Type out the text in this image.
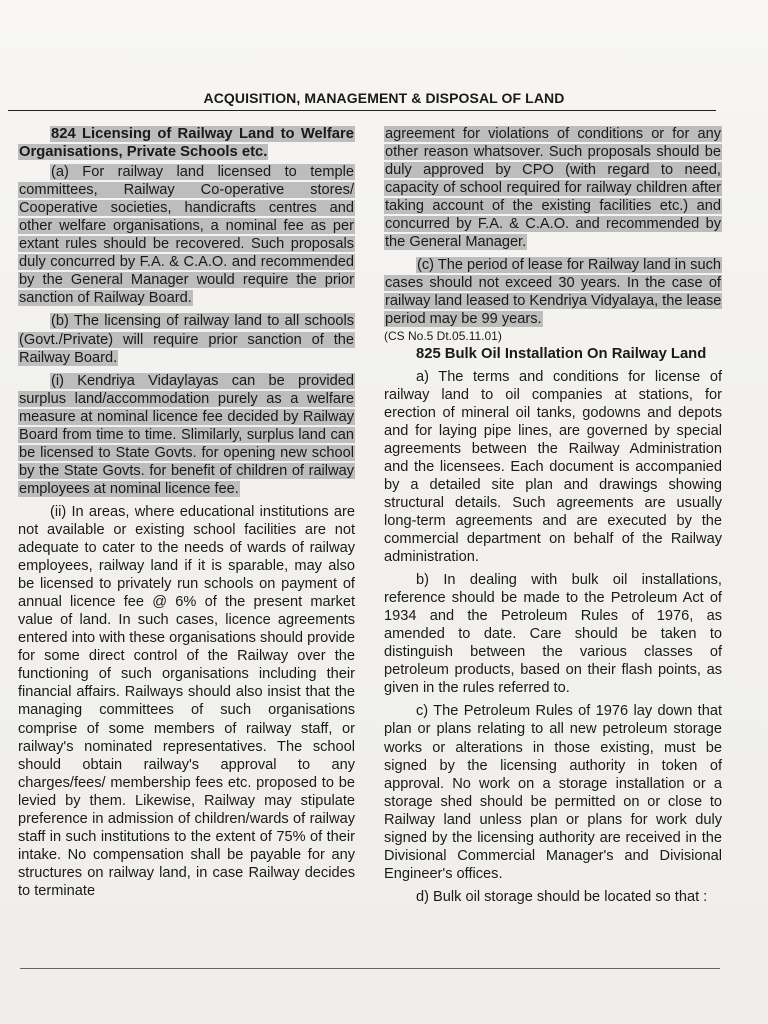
ACQUISITION, MANAGEMENT & DISPOSAL OF LAND

824 Licensing of Railway Land to Welfare Organisations, Private Schools etc.

(a) For railway land licensed to temple committees, Railway Co-operative stores/ Cooperative societies, handicrafts centres and other welfare organisations, a nominal fee as per extant rules should be recovered. Such proposals duly concurred by F.A. & C.A.O. and recommended by the General Manager would require the prior sanction of Railway Board.

(b) The licensing of railway land to all schools (Govt./Private) will require prior sanction of the Railway Board.

(i) Kendriya Vidaylayas can be provided surplus land/accommodation purely as a welfare measure at nominal licence fee decided by Railway Board from time to time. Slimilarly, surplus land can be licensed to State Govts. for opening new school by the State Govts. for benefit of children of railway employees at nominal licence fee.

(ii) In areas, where educational institutions are not available or existing school facilities are not adequate to cater to the needs of wards of railway employees, railway land if it is sparable, may also be licensed to privately run schools on payment of annual licence fee @ 6% of the present market value of land. In such cases, licence agreements entered into with these organisations should provide for some direct control of the Railway over the functioning of such organisations including their financial affairs. Railways should also insist that the managing committees of such organisations comprise of some members of railway staff, or railway's nominated representatives. The school should obtain railway's approval to any charges/fees/ membership fees etc. proposed to be levied by them. Likewise, Railway may stipulate preference in admission of children/wards of railway staff in such institutions to the extent of 75% of their intake. No compensation shall be payable for any structures on railway land, in case Railway decides to terminate

agreement for violations of conditions or for any other reason whatsover. Such proposals should be duly approved by CPO (with regard to need, capacity of school required for railway children after taking account of the existing facilities etc.) and concurred by F.A. & C.A.O. and recommended by the General Manager.

(c) The period of lease for Railway land in such cases should not exceed 30 years. In the case of railway land leased to Kendriya Vidyalaya, the lease period may be 99 years.

(CS No.5 Dt.05.11.01)

825 Bulk Oil Installation On Railway Land

a) The terms and conditions for license of railway land to oil companies at stations, for erection of mineral oil tanks, godowns and depots and for laying pipe lines, are governed by special agreements between the Railway Administration and the licensees. Each document is accompanied by a detailed site plan and drawings showing structural details. Such agreements are usually long-term agreements and are executed by the commercial department on behalf of the Railway administration.

b) In dealing with bulk oil installations, reference should be made to the Petroleum Act of 1934 and the Petroleum Rules of 1976, as amended to date. Care should be taken to distinguish between the various classes of petroleum products, based on their flash points, as given in the rules referred to.

c) The Petroleum Rules of 1976 lay down that plan or plans relating to all new petroleum storage works or alterations in those existing, must be signed by the licensing authority in token of approval. No work on a storage installation or a storage shed should be permitted on or close to Railway land unless plan or plans for work duly signed by the licensing authority are received in the Divisional Commercial Manager's and Divisional Engineer's offices.

d) Bulk oil storage should be located so that :
